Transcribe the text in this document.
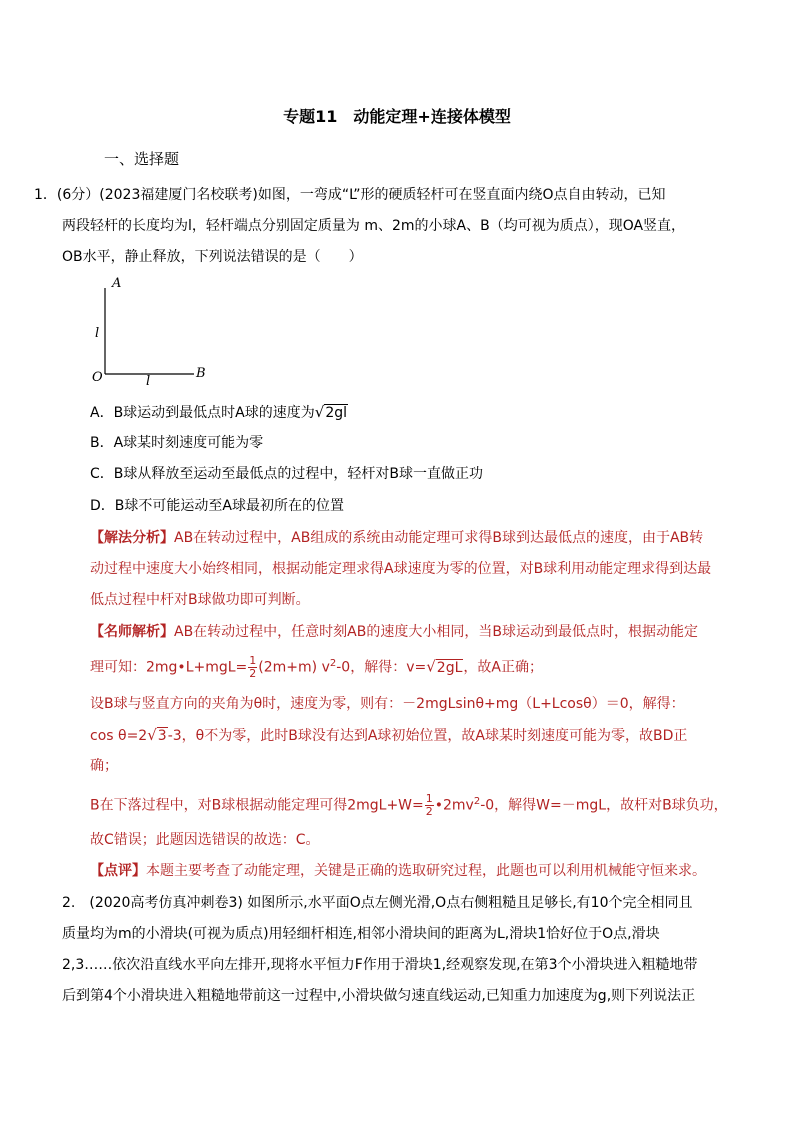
专题11　动能定理+连接体模型
一、选择题
1．(6分）(2023福建厦门名校联考)如图，一弯成“L”形的硬质轻杆可在竖直面内绕O点自由转动，已知
两段轻杆的长度均为l，轻杆端点分别固定质量为 m、2m的小球A、B（均可视为质点），现OA竖直，
OB水平，静止释放，下列说法错误的是（　　）
A
l
O	l
B
A．B球运动到最低点时A球的速度为√2gl
B．A球某时刻速度可能为零
C．B球从释放至运动至最低点的过程中，轻杆对B球一直做正功
D．B球不可能运动至A球最初所在的位置
【解法分析】AB在转动过程中，AB组成的系统由动能定理可求得B球到达最低点的速度，由于AB转
动过程中速度大小始终相同，根据动能定理求得A球速度为零的位置，对B球利用动能定理求得到达最
低点过程中杆对B球做功即可判断。
【名师解析】AB在转动过程中，任意时刻AB的速度大小相同，当B球运动到最低点时，根据动能定
理可知：2mg•L+mgL= $\frac{1}{2} (2m+m)$ $v^2-0$，解得：v=√2gL，故A正确；
设B球与竖直方向的夹角为θ时，速度为零，则有：－2mgLsinθ+mg（L+Lcosθ）＝0，解得：
cos θ=2√3-3，θ不为零，此时B球没有达到A球初始位置，故A球某时刻速度可能为零，故BD正
确；
B在下落过程中，对B球根据动能定理可得$2mgL+W= \frac{1}{2}$ $•2mv^2-0$，解得W=－mgL，故杆对B球负功，
故C错误；此题因选错误的故选：C。
【点评】本题主要考查了动能定理，关键是正确的选取研究过程，此题也可以利用机械能守恒来求。
2.　(2020高考仿真冲刺卷3) 如图所示,水平面O点左侧光滑,O点右侧粗糙且足够长,有10个完全相同且
质量均为m的小滑块(可视为质点)用轻细杆相连,相邻小滑块间的距离为L,滑块1恰好位于O点,滑块
2,3……依次沿直线水平向左排开,现将水平恒力F作用于滑块1,经观察发现,在第3个小滑块进入粗糙地带
后到第4个小滑块进入粗糙地带前这一过程中,小滑块做匀速直线运动,已知重力加速度为g,则下列说法正
